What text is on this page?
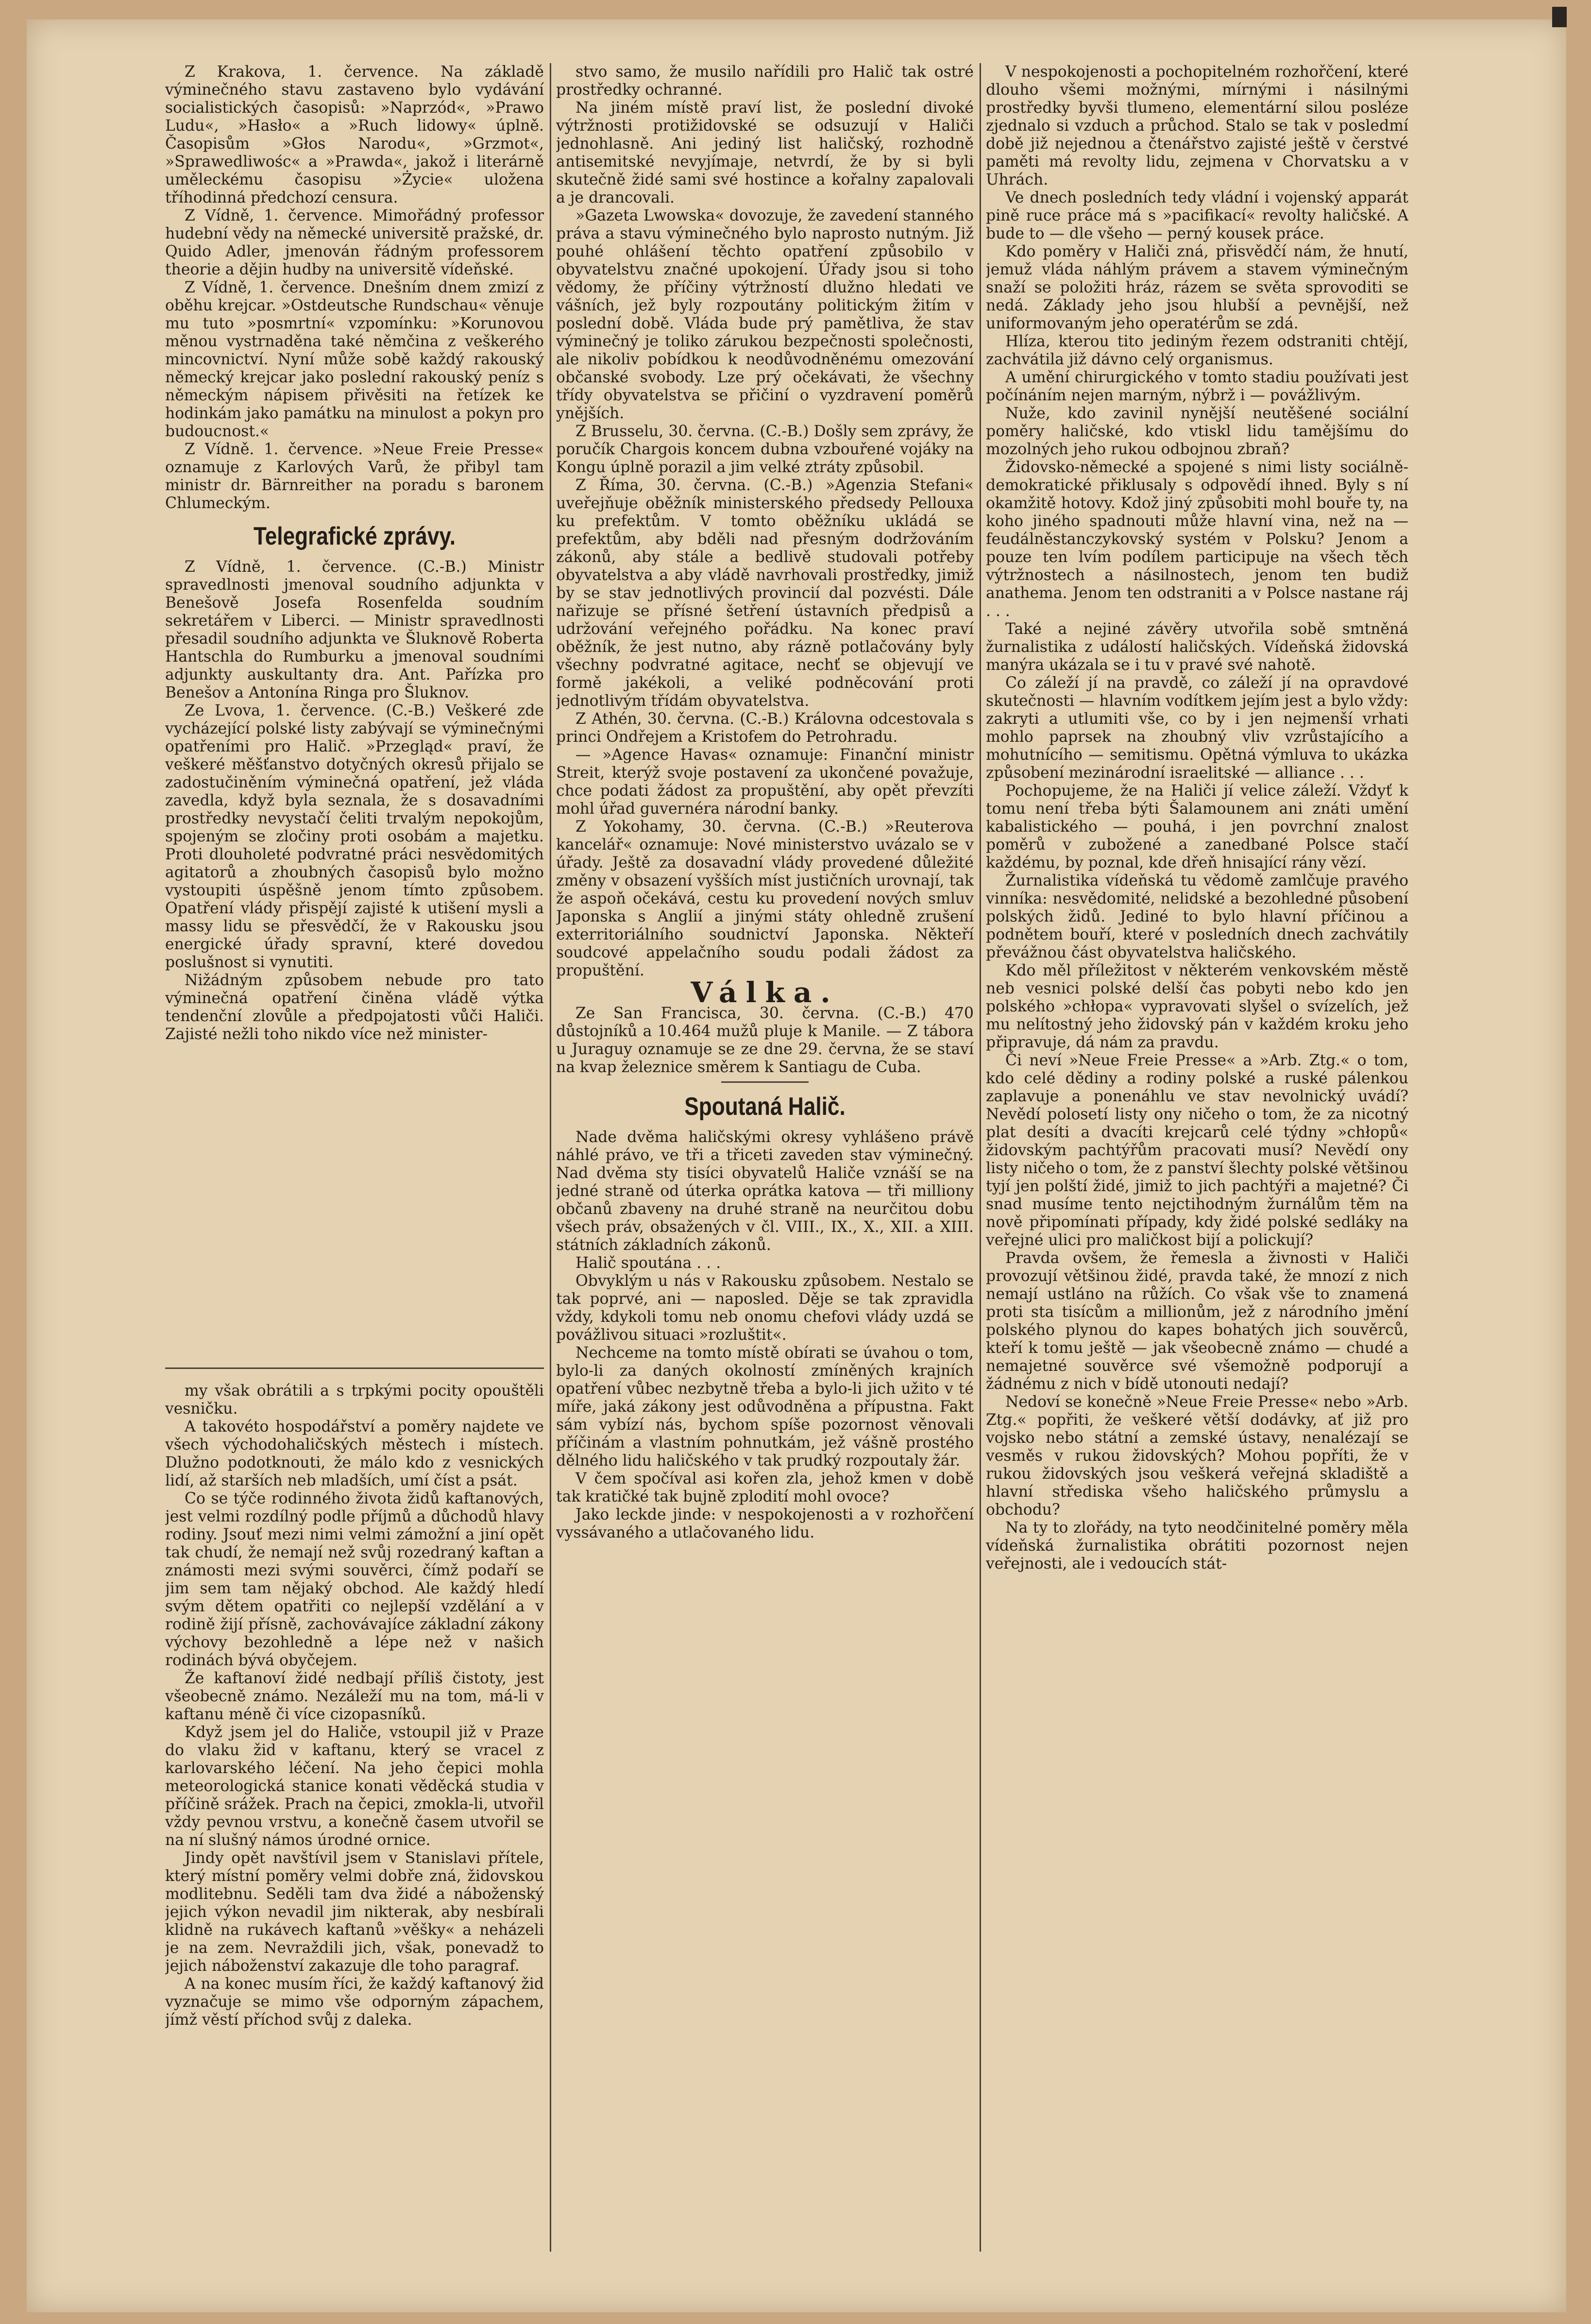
Z Krakova, 1. července. Na základě výminečného stavu zastaveno bylo vydávání socialistických časopisů: »Naprzód«, »Prawo Ludu«, »Hasło« a »Ruch lidowy« úplně. Časopisům »Głos Narodu«, »Grzmot«, »Sprawedliwośc« a »Prawda«, jakož i literárně uměleckému časopisu »Życie« uložena tříhodinná předchozí censura.

Z Vídně, 1. července. Mimořádný professor hudební vědy na německé universitě pražské, dr. Quido Adler, jmenován řádným professorem theorie a dějin hudby na universitě vídeňské.

Z Vídně, 1. července. Dnešním dnem zmizí z oběhu krejcar. »Ostdeutsche Rundschau« věnuje mu tuto »posmrtní« vzpomínku: »Korunovou měnou vystrnaděna také němčina z veškerého mincovnictví. Nyní může sobě každý rakouský německý krejcar jako poslední rakouský peníz s německým nápisem přivěsiti na řetízek ke hodinkám jako památku na minulost a pokyn pro budoucnost.«

Z Vídně. 1. července. »Neue Freie Presse« oznamuje z Karlových Varů, že přibyl tam ministr dr. Bärnreither na poradu s baronem Chlumeckým.

Telegrafické zprávy.

Z Vídně, 1. července. (C.-B.) Ministr spravedlnosti jmenoval soudního adjunkta v Benešově Josefa Rosenfelda soudním sekretářem v Liberci. — Ministr spravedlnosti přesadil soudního adjunkta ve Šluknově Roberta Hantschla do Rumburku a jmenoval soudními adjunkty auskultanty dra. Ant. Pařízka pro Benešov a Antonína Ringa pro Šluknov.

Ze Lvova, 1. července. (C.-B.) Veškeré zde vycházející polské listy zabývají se výminečnými opatřeními pro Halič. »Przegląd« praví, že veškeré měšťanstvo dotyčných okresů přijalo se zadostučiněním výminečná opatření, jež vláda zavedla, když byla seznala, že s dosavadními prostředky nevystačí čeliti trvalým nepokojům, spojeným se zločiny proti osobám a majetku. Proti dlouholeté podvratné práci nesvědomitých agitatorů a zhoubných časopisů bylo možno vystoupiti úspěšně jenom tímto způsobem. Opatření vlády přispějí zajisté k utišení mysli a massy lidu se přesvědčí, že v Rakousku jsou energické úřady spravní, které dovedou poslušnost si vynutiti.

Nižádným způsobem nebude pro tato výminečná opatření činěna vládě výtka tendenční zlovůle a předpojatosti vůči Haliči. Zajisté nežli toho nikdo více než minister-

my však obrátili a s trpkými pocity opouštěli vesničku.

A takovéto hospodářství a poměry najdete ve všech východohaličských městech i místech. Dlužno podotknouti, že málo kdo z vesnických lidí, až starších neb mladších, umí číst a psát.

Co se týče rodinného života židů kaftanových, jest velmi rozdílný podle příjmů a důchodů hlavy rodiny. Jsouť mezi nimi velmi zámožní a jiní opět tak chudí, že nemají než svůj rozedraný kaftan a známosti mezi svými souvěrci, čímž podaří se jim sem tam nějaký obchod. Ale každý hledí svým dětem opatřiti co nejlepší vzdělání a v rodině žijí přísně, zachovávajíce základní zákony výchovy bezohledně a lépe než v našich rodinách bývá obyčejem.

Že kaftanoví židé nedbají příliš čistoty, jest všeobecně známo. Nezáleží mu na tom, má-li v kaftanu méně či více cizopasníků.

Když jsem jel do Haliče, vstoupil již v Praze do vlaku žid v kaftanu, který se vracel z karlovarského léčení. Na jeho čepici mohla meteorologická stanice konati věděcká studia v příčině srážek. Prach na čepici, zmokla-li, utvořil vždy pevnou vrstvu, a konečně časem utvořil se na ní slušný námos úrodné ornice.

Jindy opět navštívil jsem v Stanislavi přítele, který místní poměry velmi dobře zná, židovskou modlitebnu. Seděli tam dva židé a náboženský jejich výkon nevadil jim nikterak, aby nesbírali klidně na rukávech kaftanů »věšky« a neházeli je na zem. Nevraždili jich, však, ponevadž to jejich náboženství zakazuje dle toho paragraf.

A na konec musím říci, že každý kaftanový žid vyznačuje se mimo vše odporným zápachem, jímž věstí příchod svůj z daleka.

stvo samo, že musilo nařídili pro Halič tak ostré prostředky ochranné.

Na jiném místě praví list, že poslední divoké výtržnosti protižidovské se odsuzují v Haliči jednohlasně. Ani jediný list haličský, rozhodně antisemitské nevyjímaje, netvrdí, že by si byli skutečně židé sami své hostince a kořalny zapalovali a je drancovali.

»Gazeta Lwowska« dovozuje, že zavedení stanného práva a stavu výminečného bylo naprosto nutným. Již pouhé ohlášení těchto opatření způsobilo v obyvatelstvu značné upokojení. Úřady jsou si toho vědomy, že příčiny výtržností dlužno hledati ve vášních, jež byly rozpoutány politickým žitím v poslední době. Vláda bude prý pamětliva, že stav výminečný je toliko zárukou bezpečnosti společnosti, ale nikoliv pobídkou k neodůvodněnému omezování občanské svobody. Lze prý očekávati, že všechny třídy obyvatelstva se přičiní o vyzdravení poměrů ynějších.

Z Brusselu, 30. června. (C.-B.) Došly sem zprávy, že poručík Chargois koncem dubna vzbouřené vojáky na Kongu úplně porazil a jim velké ztráty způsobil.

Z Říma, 30. června. (C.-B.) »Agenzia Stefani« uveřejňuje oběžník ministerského předsedy Pellouxa ku prefektům. V tomto oběžníku ukládá se prefektům, aby bděli nad přesným dodržováním zákonů, aby stále a bedlivě studovali potřeby obyvatelstva a aby vládě navrhovali prostředky, jimiž by se stav jednotlivých provincií dal pozvésti. Dále nařizuje se přísné šetření ústavních předpisů a udržování veřejného pořádku. Na konec praví oběžník, že jest nutno, aby rázně potlačovány byly všechny podvratné agitace, nechť se objevují ve formě jakékoli, a veliké podněcování proti jednotlivým třídám obyvatelstva.

Z Athén, 30. června. (C.-B.) Královna odcestovala s princi Ondřejem a Kristofem do Petrohradu.

— »Agence Havas« oznamuje: Finanční ministr Streit, kterýž svoje postavení za ukončené považuje, chce podati žádost za propuštění, aby opět převzíti mohl úřad guvernéra národní banky.

Z Yokohamy, 30. června. (C.-B.) »Reuterova kancelář« oznamuje: Nové ministerstvo uvázalo se v úřady. Ještě za dosavadní vlády provedené důležité změny v obsazení vyšších míst justičních urovnají, tak že aspoň očekává, cestu ku provedení nových smluv Japonska s Anglií a jinými státy ohledně zrušení exterritoriálního soudnictví Japonska. Někteří soudcové appelačního soudu podali žádost za propuštění.

Válka.

Ze San Francisca, 30. června. (C.-B.) 470 důstojníků a 10.464 mužů pluje k Manile. — Z tábora u Juraguy oznamuje se ze dne 29. června, že se staví na kvap železnice směrem k Santiagu de Cuba.

Spoutaná Halič.

Nade dvěma haličskými okresy vyhlášeno právě náhlé právo, ve tři a třiceti zaveden stav výminečný. Nad dvěma sty tisíci obyvatelů Haliče vznáší se na jedné straně od úterka oprátka katova — tři milliony občanů zbaveny na druhé straně na neurčitou dobu všech práv, obsažených v čl. VIII., IX., X., XII. a XIII. státních základních zákonů.

Halič spoutána . . .

Obvyklým u nás v Rakousku způsobem. Nestalo se tak poprvé, ani — naposled. Děje se tak zpravidla vždy, kdykoli tomu neb onomu chefovi vlády uzdá se povážlivou situaci »rozluštit«.

Nechceme na tomto místě obírati se úvahou o tom, bylo-li za daných okolností zmíněných krajních opatření vůbec nezbytně třeba a bylo-li jich užito v té míře, jaká zákony jest odůvodněna a přípustna. Fakt sám vybízí nás, bychom spíše pozornost věnovali příčinám a vlastním pohnutkám, jež vášně prostého dělného lidu haličského v tak prudký rozpoutaly žár.

V čem spočíval asi kořen zla, jehož kmen v době tak kratičké tak bujně zplodití mohl ovoce?

Jako leckde jinde: v nespokojenosti a v rozhořčení vyssávaného a utlačovaného lidu.

V nespokojenosti a pochopitelném rozhořčení, které dlouho všemi možnými, mírnými i násilnými prostředky byvši tlumeno, elementární silou posléze zjednalo si vzduch a průchod. Stalo se tak v posledmí době již nejednou a čtenářstvo zajisté ještě v čerstvé paměti má revolty lidu, zejmena v Chorvatsku a v Uhrách.

Ve dnech posledních tedy vládní i vojenský apparát pině ruce práce má s »pacifikací« revolty haličské. A bude to — dle všeho — perný kousek práce.

Kdo poměry v Haliči zná, přisvědčí nám, že hnutí, jemuž vláda náhlým právem a stavem výminečným snaží se položiti hráz, rázem se světa sprovoditi se nedá. Základy jeho jsou hlubší a pevnější, než uniformovaným jeho operatérům se zdá.

Hlíza, kterou tito jediným řezem odstraniti chtějí, zachvátila již dávno celý organismus.

A umění chirurgického v tomto stadiu používati jest počínáním nejen marným, nýbrž i — povážlivým.

Nuže, kdo zavinil nynější neutěšené sociální poměry haličské, kdo vtiskl lidu tamějšímu do mozolných jeho rukou odbojnou zbraň?

Židovsko-německé a spojené s nimi listy sociálně-demokratické přiklusaly s odpovědí ihned. Byly s ní okamžitě hotovy. Kdož jiný způsobiti mohl bouře ty, na koho jiného spadnouti může hlavní vina, než na — feudálněstanczykovský systém v Polsku? Jenom a pouze ten lvím podílem participuje na všech těch výtržnostech a násilnostech, jenom ten budiž anathema. Jenom ten odstraniti a v Polsce nastane ráj . . .

Také a nejiné závěry utvořila sobě smtněná žurnalistika z událostí haličských. Vídeňská židovská manýra ukázala se i tu v pravé své nahotě.

Co záleží jí na pravdě, co záleží jí na opravdové skutečnosti — hlavním vodítkem jejím jest a bylo vždy: zakryti a utlumiti vše, co by i jen nejmenší vrhati mohlo paprsek na zhoubný vliv vzrůstajícího a mohutnícího — semitismu. Opětná výmluva to ukázka způsobení mezinárodní israelitské — alliance . . .

Pochopujeme, že na Haliči jí velice záleží. Vždyť k tomu není třeba býti Šalamounem ani znáti umění kabalistického — pouhá, i jen povrchní znalost poměrů v zubožené a zanedbané Polsce stačí každému, by poznal, kde dřeň hnisající rány vězí.

Žurnalistika vídeňská tu vědomě zamlčuje pravého vinníka: nesvědomité, nelidské a bezohledné působení polských židů. Jediné to bylo hlavní příčinou a podnětem bouří, které v posledních dnech zachvátily převážnou část obyvatelstva haličského.

Kdo měl příležitost v některém venkovském městě neb vesnici polské delší čas pobyti nebo kdo jen polského »chłopa« vypravovati slyšel o svízelích, jež mu nelítostný jeho židovský pán v každém kroku jeho připravuje, dá nám za pravdu.

Či neví »Neue Freie Presse« a »Arb. Ztg.« o tom, kdo celé dědiny a rodiny polské a ruské pálenkou zaplavuje a ponenáhlu ve stav nevolnický uvádí? Nevědí polosetí listy ony ničeho o tom, že za nicotný plat desíti a dvacíti krejcarů celé týdny »chłopů« židovským pachtýřům pracovati musí? Nevědí ony listy ničeho o tom, že z panství šlechty polské většinou tyjí jen polští židé, jimiž to jich pachtýři a majetné? Či snad musíme tento nejctihodným žurnálům těm na nově připomínati případy, kdy židé polské sedláky na veřejné ulici pro maličkost bijí a polickují?

Pravda ovšem, že řemesla a živnosti v Haliči provozují většinou židé, pravda také, že mnozí z nich nemají ustláno na růžích. Co však vše to znamená proti sta tisícům a millionům, jež z národního jmění polského plynou do kapes bohatých jich souvěrců, kteří k tomu ještě — jak všeobecně známo — chudé a nemajetné souvěrce své všemožně podporují a žádnému z nich v bídě utonouti nedají?

Nedoví se konečně »Neue Freie Presse« nebo »Arb. Ztg.« popřiti, že veškeré větší dodávky, ať již pro vojsko nebo státní a zemské ústavy, nenalézají se vesměs v rukou židovských? Mohou popříti, že v rukou židovských jsou veškerá veřejná skladiště a hlavní střediska všeho haličského průmyslu a obchodu?

Na ty to zlořády, na tyto neodčinitelné poměry měla vídeňská žurnalistika obrátiti pozornost nejen veřejnosti, ale i vedoucích stát-
